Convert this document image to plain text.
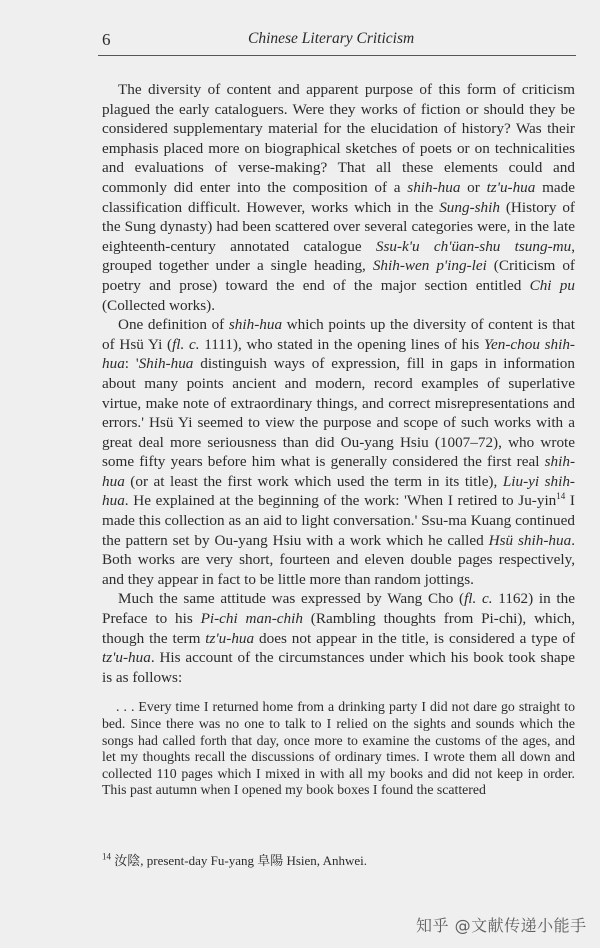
6	Chinese Literary Criticism

The diversity of content and apparent purpose of this form of criticism plagued the early cataloguers. Were they works of fiction or should they be considered supplementary material for the elucidation of history? Was their emphasis placed more on biographical sketches of poets or on technicalities and evaluations of verse-making? That all these elements could and commonly did enter into the composition of a shih-hua or tz'u-hua made classification difficult. However, works which in the Sung-shih (History of the Sung dynasty) had been scattered over several categories were, in the late eighteenth-century annotated catalogue Ssu-k'u ch'üan-shu tsung-mu, grouped together under a single heading, Shih-wen p'ing-lei (Criticism of poetry and prose) toward the end of the major section entitled Chi pu (Collected works).

One definition of shih-hua which points up the diversity of content is that of Hsü Yi (fl. c. 1111), who stated in the opening lines of his Yen-chou shih-hua: 'Shih-hua distinguish ways of expression, fill in gaps in information about many points ancient and modern, record examples of superlative virtue, make note of extraordinary things, and correct misrepresentations and errors.' Hsü Yi seemed to view the purpose and scope of such works with a great deal more seriousness than did Ou-yang Hsiu (1007–72), who wrote some fifty years before him what is generally considered the first real shih-hua (or at least the first work which used the term in its title), Liu-yi shih-hua. He explained at the beginning of the work: 'When I retired to Ju-yin$^{14}$ I made this collection as an aid to light conversation.' Ssu-ma Kuang continued the pattern set by Ou-yang Hsiu with a work which he called Hsü shih-hua. Both works are very short, fourteen and eleven double pages respectively, and they appear in fact to be little more than random jottings.

Much the same attitude was expressed by Wang Cho (fl. c. 1162) in the Preface to his Pi-chi man-chih (Rambling thoughts from Pi-chi), which, though the term tz'u-hua does not appear in the title, is considered a type of tz'u-hua. His account of the circumstances under which his book took shape is as follows:

. . . Every time I returned home from a drinking party I did not dare go straight to bed. Since there was no one to talk to I relied on the sights and sounds which the songs had called forth that day, once more to examine the customs of the ages, and let my thoughts recall the discussions of ordinary times. I wrote them all down and collected 110 pages which I mixed in with all my books and did not keep in order. This past autumn when I opened my book boxes I found the scattered

$^{14}$ 汝陰, present-day Fu-yang 阜陽 Hsien, Anhwei.
知乎 @文献传递小能手
